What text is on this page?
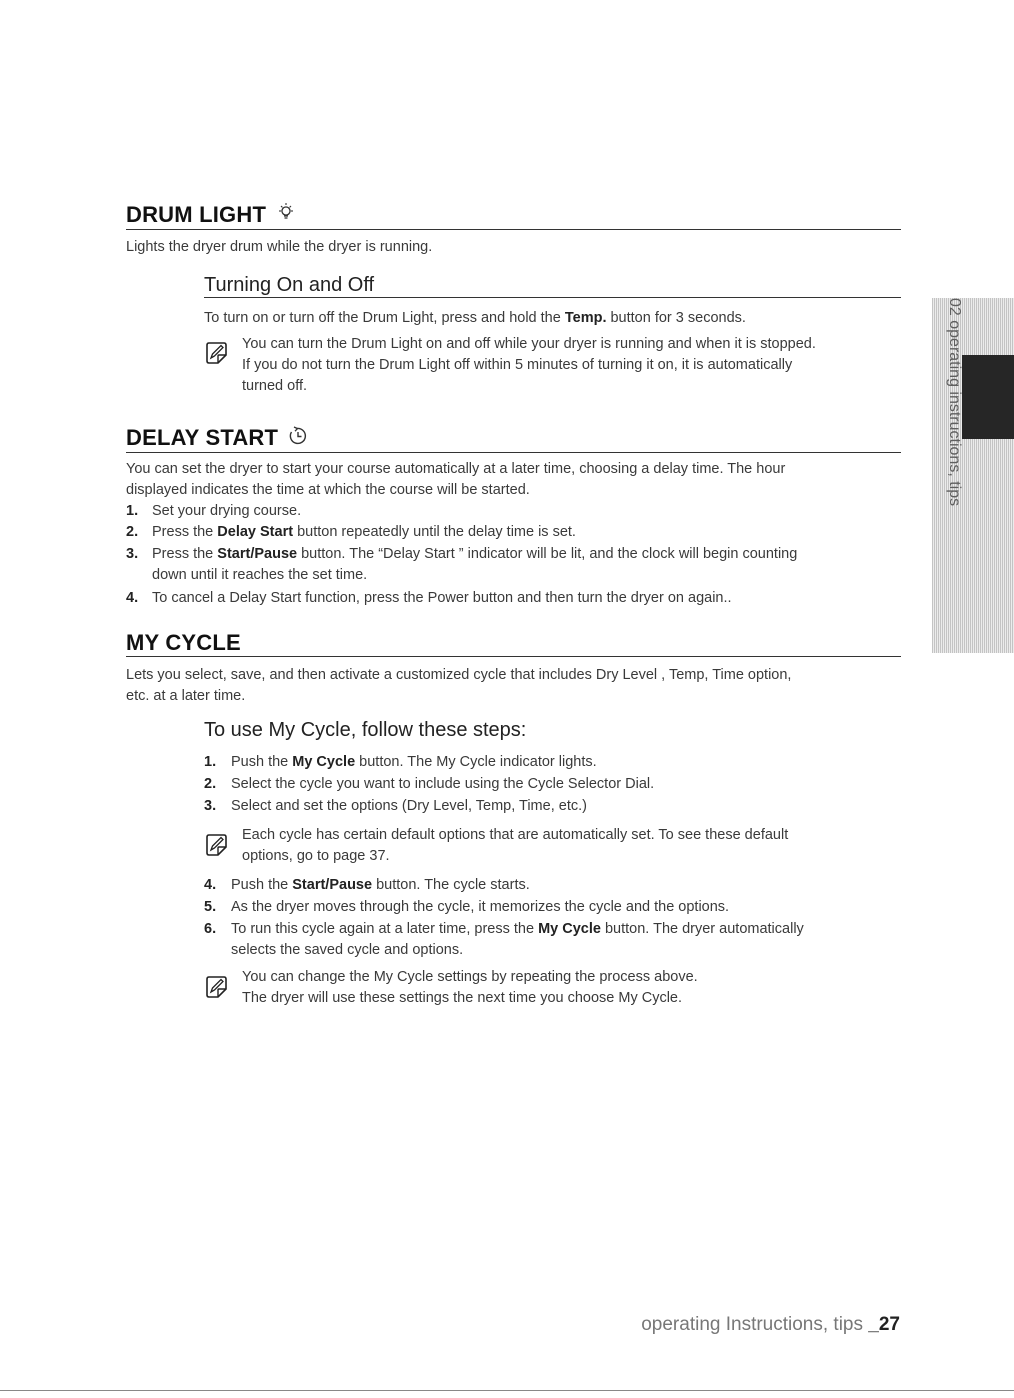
DRUM LIGHT
Lights the dryer drum while the dryer is running.
Turning On and Off
To turn on or turn off the Drum Light, press and hold the Temp. button for 3 seconds.
You can turn the Drum Light on and off while your dryer is running and when it is stopped.
If you do not turn the Drum Light off within 5 minutes of turning it on, it is automatically
turned off.
DELAY START
You can set the dryer to start your course automatically at a later time, choosing a delay time. The hour
displayed indicates the time at which the course will be started.
1. Set your drying course.
2. Press the Delay Start button repeatedly until the delay time is set.
3. Press the Start/Pause button. The “Delay Start ” indicator will be lit, and the clock will begin counting
down until it reaches the set time.
4. To cancel a Delay Start function, press the Power button and then turn the dryer on again..
MY CYCLE
Lets you select, save, and then activate a customized cycle that includes Dry Level , Temp, Time option,
etc. at a later time.
To use My Cycle, follow these steps:
1. Push the My Cycle button. The My Cycle indicator lights.
2. Select the cycle you want to include using the Cycle Selector Dial.
3. Select and set the options (Dry Level, Temp, Time, etc.)
Each cycle has certain default options that are automatically set. To see these default
options, go to page 37.
4. Push the Start/Pause button. The cycle starts.
5. As the dryer moves through the cycle, it memorizes the cycle and the options.
6. To run this cycle again at a later time, press the My Cycle button. The dryer automatically
selects the saved cycle and options.
You can change the My Cycle settings by repeating the process above.
The dryer will use these settings the next time you choose My Cycle.
02 operating instructions, tips
operating Instructions, tips _27
